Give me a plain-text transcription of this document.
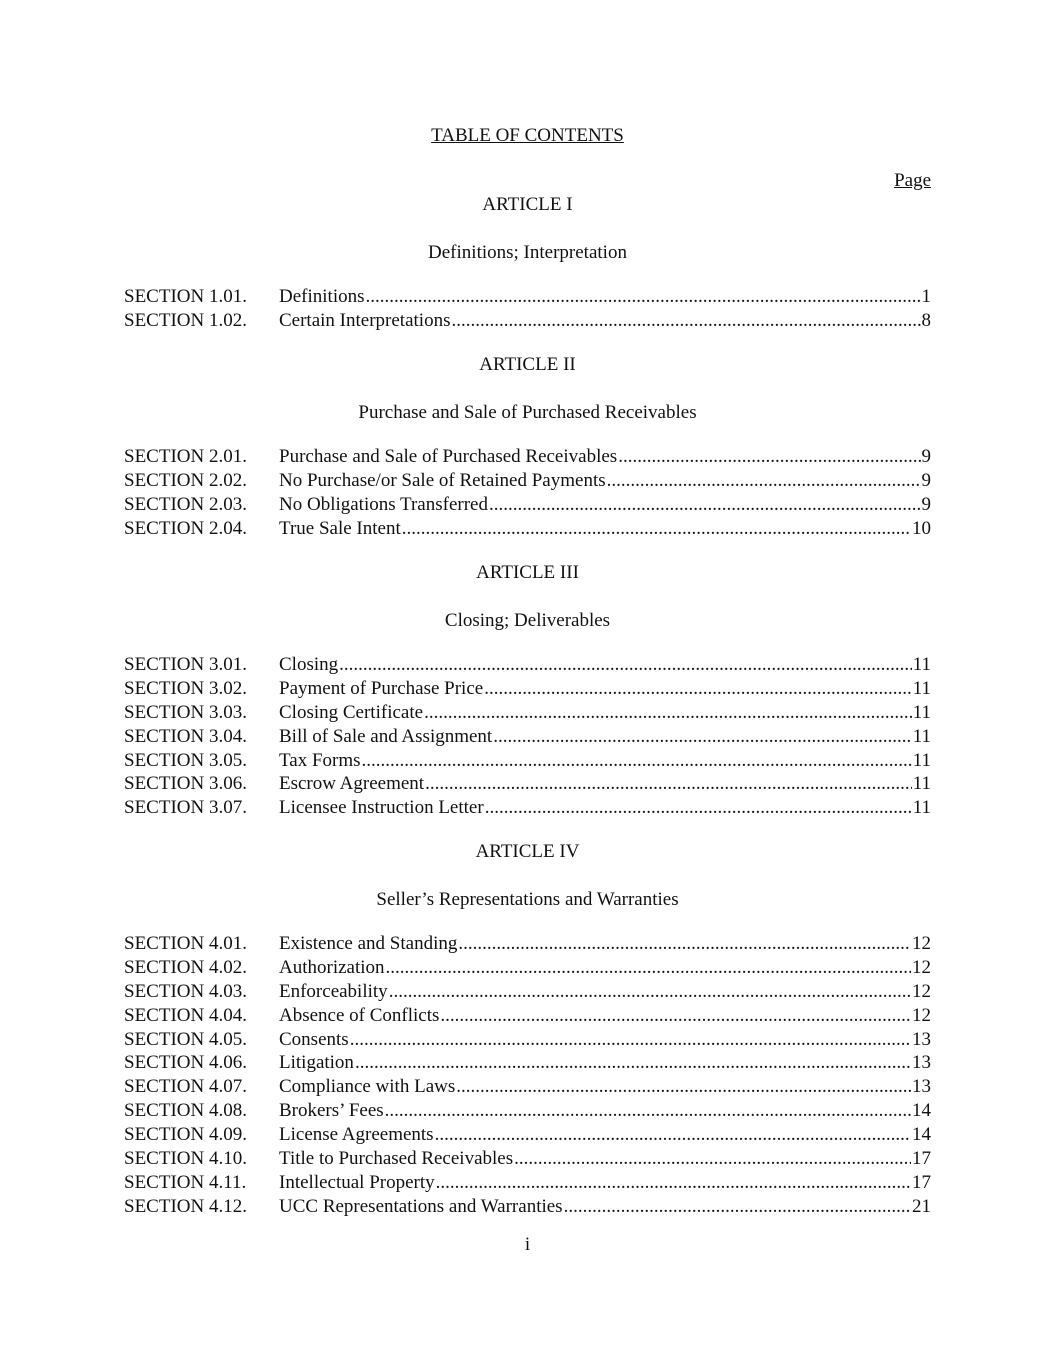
TABLE OF CONTENTS
Page
ARTICLE I
Definitions; Interpretation
SECTION 1.01.	Definitions .....	1
SECTION 1.02.	Certain Interpretations .....	8
ARTICLE II
Purchase and Sale of Purchased Receivables
SECTION 2.01.	Purchase and Sale of Purchased Receivables .....	9
SECTION 2.02.	No Purchase/or Sale of Retained Payments .....	9
SECTION 2.03.	No Obligations Transferred .....	9
SECTION 2.04.	True Sale Intent .....	10
ARTICLE III
Closing; Deliverables
SECTION 3.01.	Closing .....	11
SECTION 3.02.	Payment of Purchase Price .....	11
SECTION 3.03.	Closing Certificate .....	11
SECTION 3.04.	Bill of Sale and Assignment .....	11
SECTION 3.05.	Tax Forms .....	11
SECTION 3.06.	Escrow Agreement .....	11
SECTION 3.07.	Licensee Instruction Letter .....	11
ARTICLE IV
Seller’s Representations and Warranties
SECTION 4.01.	Existence and Standing .....	12
SECTION 4.02.	Authorization .....	12
SECTION 4.03.	Enforceability .....	12
SECTION 4.04.	Absence of Conflicts .....	12
SECTION 4.05.	Consents .....	13
SECTION 4.06.	Litigation .....	13
SECTION 4.07.	Compliance with Laws .....	13
SECTION 4.08.	Brokers’ Fees .....	14
SECTION 4.09.	License Agreements .....	14
SECTION 4.10.	Title to Purchased Receivables .....	17
SECTION 4.11.	Intellectual Property .....	17
SECTION 4.12.	UCC Representations and Warranties .....	21
i
